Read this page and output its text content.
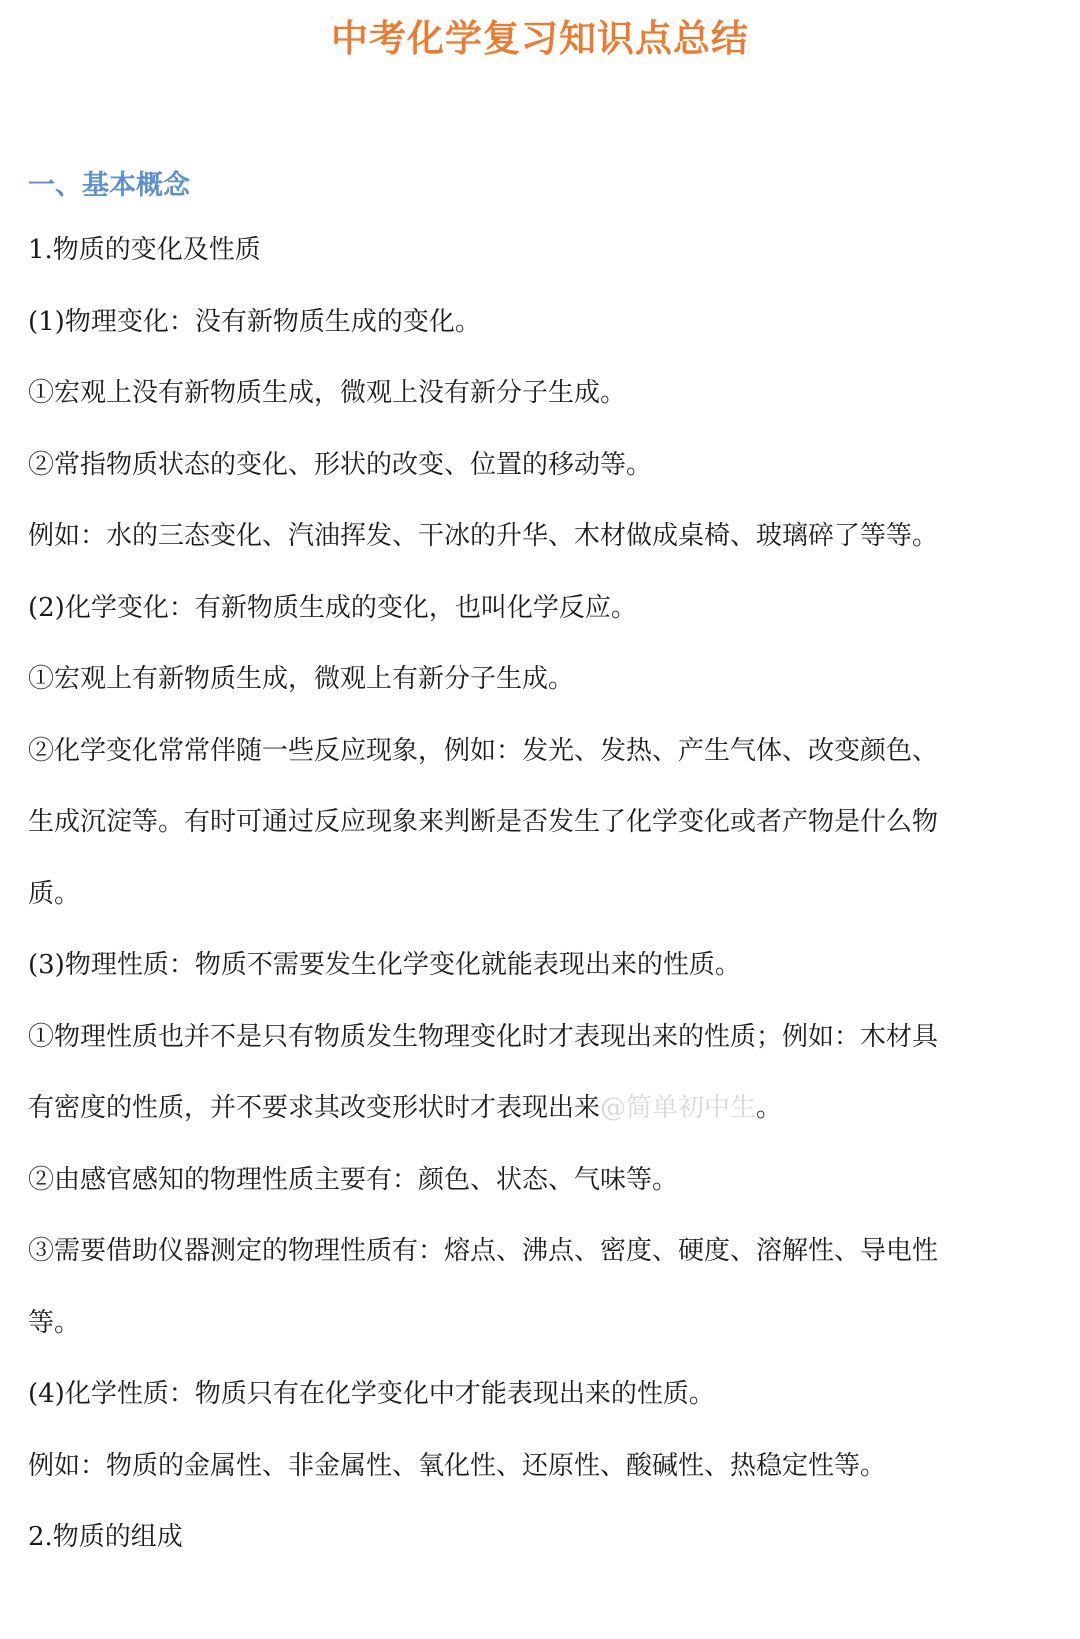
中考化学复习知识点总结
一、基本概念

1.物质的变化及性质

(1)物理变化：没有新物质生成的变化。

①宏观上没有新物质生成，微观上没有新分子生成。

②常指物质状态的变化、形状的改变、位置的移动等。

例如：水的三态变化、汽油挥发、干冰的升华、木材做成桌椅、玻璃碎了等等。

(2)化学变化：有新物质生成的变化，也叫化学反应。

①宏观上有新物质生成，微观上有新分子生成。

②化学变化常常伴随一些反应现象，例如：发光、发热、产生气体、改变颜色、

生成沉淀等。有时可通过反应现象来判断是否发生了化学变化或者产物是什么物

质。

(3)物理性质：物质不需要发生化学变化就能表现出来的性质。

①物理性质也并不是只有物质发生物理变化时才表现出来的性质；例如：木材具

有密度的性质，并不要求其改变形状时才表现出来@简单初中生。

②由感官感知的物理性质主要有：颜色、状态、气味等。

③需要借助仪器测定的物理性质有：熔点、沸点、密度、硬度、溶解性、导电性

等。

(4)化学性质：物质只有在化学变化中才能表现出来的性质。

例如：物质的金属性、非金属性、氧化性、还原性、酸碱性、热稳定性等。

2.物质的组成
